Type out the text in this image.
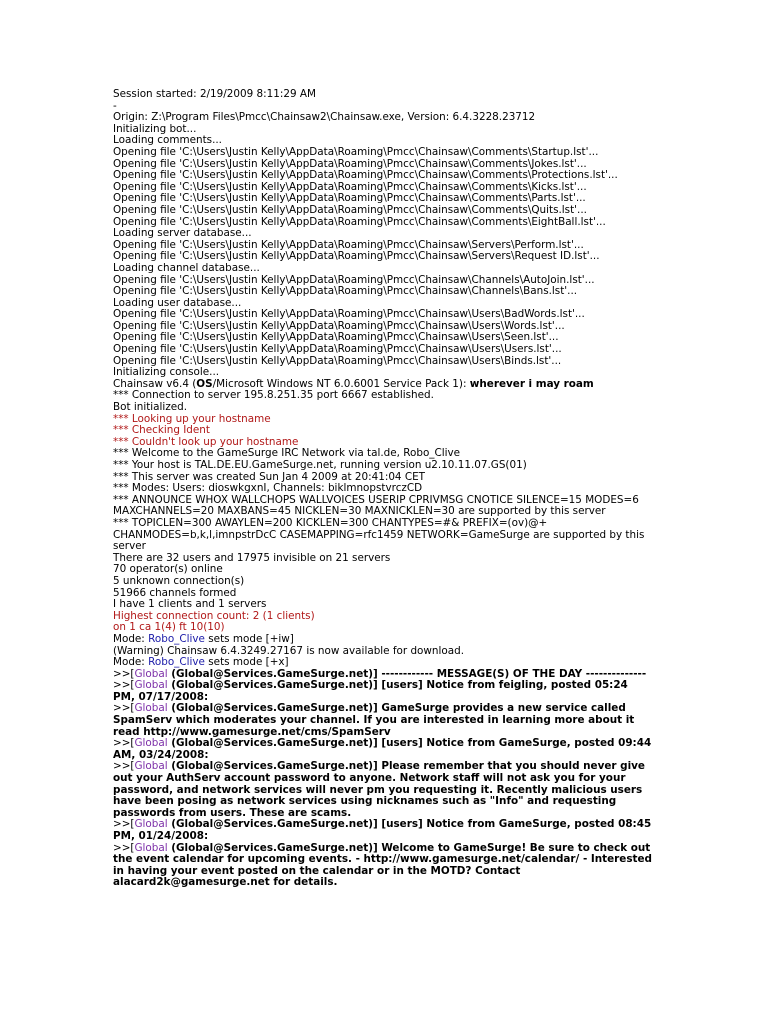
Session started: 2/19/2009 8:11:29 AM
-
Origin: Z:\Program Files\Pmcc\Chainsaw2\Chainsaw.exe, Version: 6.4.3228.23712
Initializing bot...
Loading comments...
Opening file 'C:\Users\Justin Kelly\AppData\Roaming\Pmcc\Chainsaw\Comments\Startup.lst'...
Opening file 'C:\Users\Justin Kelly\AppData\Roaming\Pmcc\Chainsaw\Comments\Jokes.lst'...
Opening file 'C:\Users\Justin Kelly\AppData\Roaming\Pmcc\Chainsaw\Comments\Protections.lst'...
Opening file 'C:\Users\Justin Kelly\AppData\Roaming\Pmcc\Chainsaw\Comments\Kicks.lst'...
Opening file 'C:\Users\Justin Kelly\AppData\Roaming\Pmcc\Chainsaw\Comments\Parts.lst'...
Opening file 'C:\Users\Justin Kelly\AppData\Roaming\Pmcc\Chainsaw\Comments\Quits.lst'...
Opening file 'C:\Users\Justin Kelly\AppData\Roaming\Pmcc\Chainsaw\Comments\EightBall.lst'...
Loading server database...
Opening file 'C:\Users\Justin Kelly\AppData\Roaming\Pmcc\Chainsaw\Servers\Perform.lst'...
Opening file 'C:\Users\Justin Kelly\AppData\Roaming\Pmcc\Chainsaw\Servers\Request ID.lst'...
Loading channel database...
Opening file 'C:\Users\Justin Kelly\AppData\Roaming\Pmcc\Chainsaw\Channels\AutoJoin.lst'...
Opening file 'C:\Users\Justin Kelly\AppData\Roaming\Pmcc\Chainsaw\Channels\Bans.lst'...
Loading user database...
Opening file 'C:\Users\Justin Kelly\AppData\Roaming\Pmcc\Chainsaw\Users\BadWords.lst'...
Opening file 'C:\Users\Justin Kelly\AppData\Roaming\Pmcc\Chainsaw\Users\Words.lst'...
Opening file 'C:\Users\Justin Kelly\AppData\Roaming\Pmcc\Chainsaw\Users\Seen.lst'...
Opening file 'C:\Users\Justin Kelly\AppData\Roaming\Pmcc\Chainsaw\Users\Users.lst'...
Opening file 'C:\Users\Justin Kelly\AppData\Roaming\Pmcc\Chainsaw\Users\Binds.lst'...
Initializing console...
Chainsaw v6.4 (OS/Microsoft Windows NT 6.0.6001 Service Pack 1): wherever i may roam
*** Connection to server 195.8.251.35 port 6667 established.
Bot initialized.
*** Looking up your hostname
*** Checking Ident
*** Couldn't look up your hostname
*** Welcome to the GameSurge IRC Network via tal.de, Robo_Clive
*** Your host is TAL.DE.EU.GameSurge.net, running version u2.10.11.07.GS(01)
*** This server was created Sun Jan 4 2009 at 20:41:04 CET
*** Modes: Users: dioswkgxnI, Channels: biklmnopstvrczCD
*** ANNOUNCE WHOX WALLCHOPS WALLVOICES USERIP CPRIVMSG CNOTICE SILENCE=15 MODES=6 MAXCHANNELS=20 MAXBANS=45 NICKLEN=30 MAXNICKLEN=30 are supported by this server
*** TOPICLEN=300 AWAYLEN=200 KICKLEN=300 CHANTYPES=#& PREFIX=(ov)@+ CHANMODES=b,k,l,imnpstrDcC CASEMAPPING=rfc1459 NETWORK=GameSurge are supported by this server
There are 32 users and 17975 invisible on 21 servers
70 operator(s) online
5 unknown connection(s)
51966 channels formed
I have 1 clients and 1 servers
Highest connection count: 2 (1 clients)
on 1 ca 1(4) ft 10(10)
Mode: Robo_Clive sets mode [+iw]
(Warning) Chainsaw 6.4.3249.27167 is now available for download.
Mode: Robo_Clive sets mode [+x]
>>[Global (Global@Services.GameSurge.net)] ------------ MESSAGE(S) OF THE DAY --------------
>>[Global (Global@Services.GameSurge.net)] [users] Notice from feigling, posted 05:24 PM, 07/17/2008:
>>[Global (Global@Services.GameSurge.net)] GameSurge provides a new service called SpamServ which moderates your channel. If you are interested in learning more about it read http://www.gamesurge.net/cms/SpamServ
>>[Global (Global@Services.GameSurge.net)] [users] Notice from GameSurge, posted 09:44 AM, 03/24/2008:
>>[Global (Global@Services.GameSurge.net)] Please remember that you should never give out your AuthServ account password to anyone. Network staff will not ask you for your password, and network services will never pm you requesting it. Recently malicious users have been posing as network services using nicknames such as "Info" and requesting passwords from users. These are scams.
>>[Global (Global@Services.GameSurge.net)] [users] Notice from GameSurge, posted 08:45 PM, 01/24/2008:
>>[Global (Global@Services.GameSurge.net)] Welcome to GameSurge! Be sure to check out the event calendar for upcoming events. - http://www.gamesurge.net/calendar/ - Interested in having your event posted on the calendar or in the MOTD? Contact alacard2k@gamesurge.net for details.
